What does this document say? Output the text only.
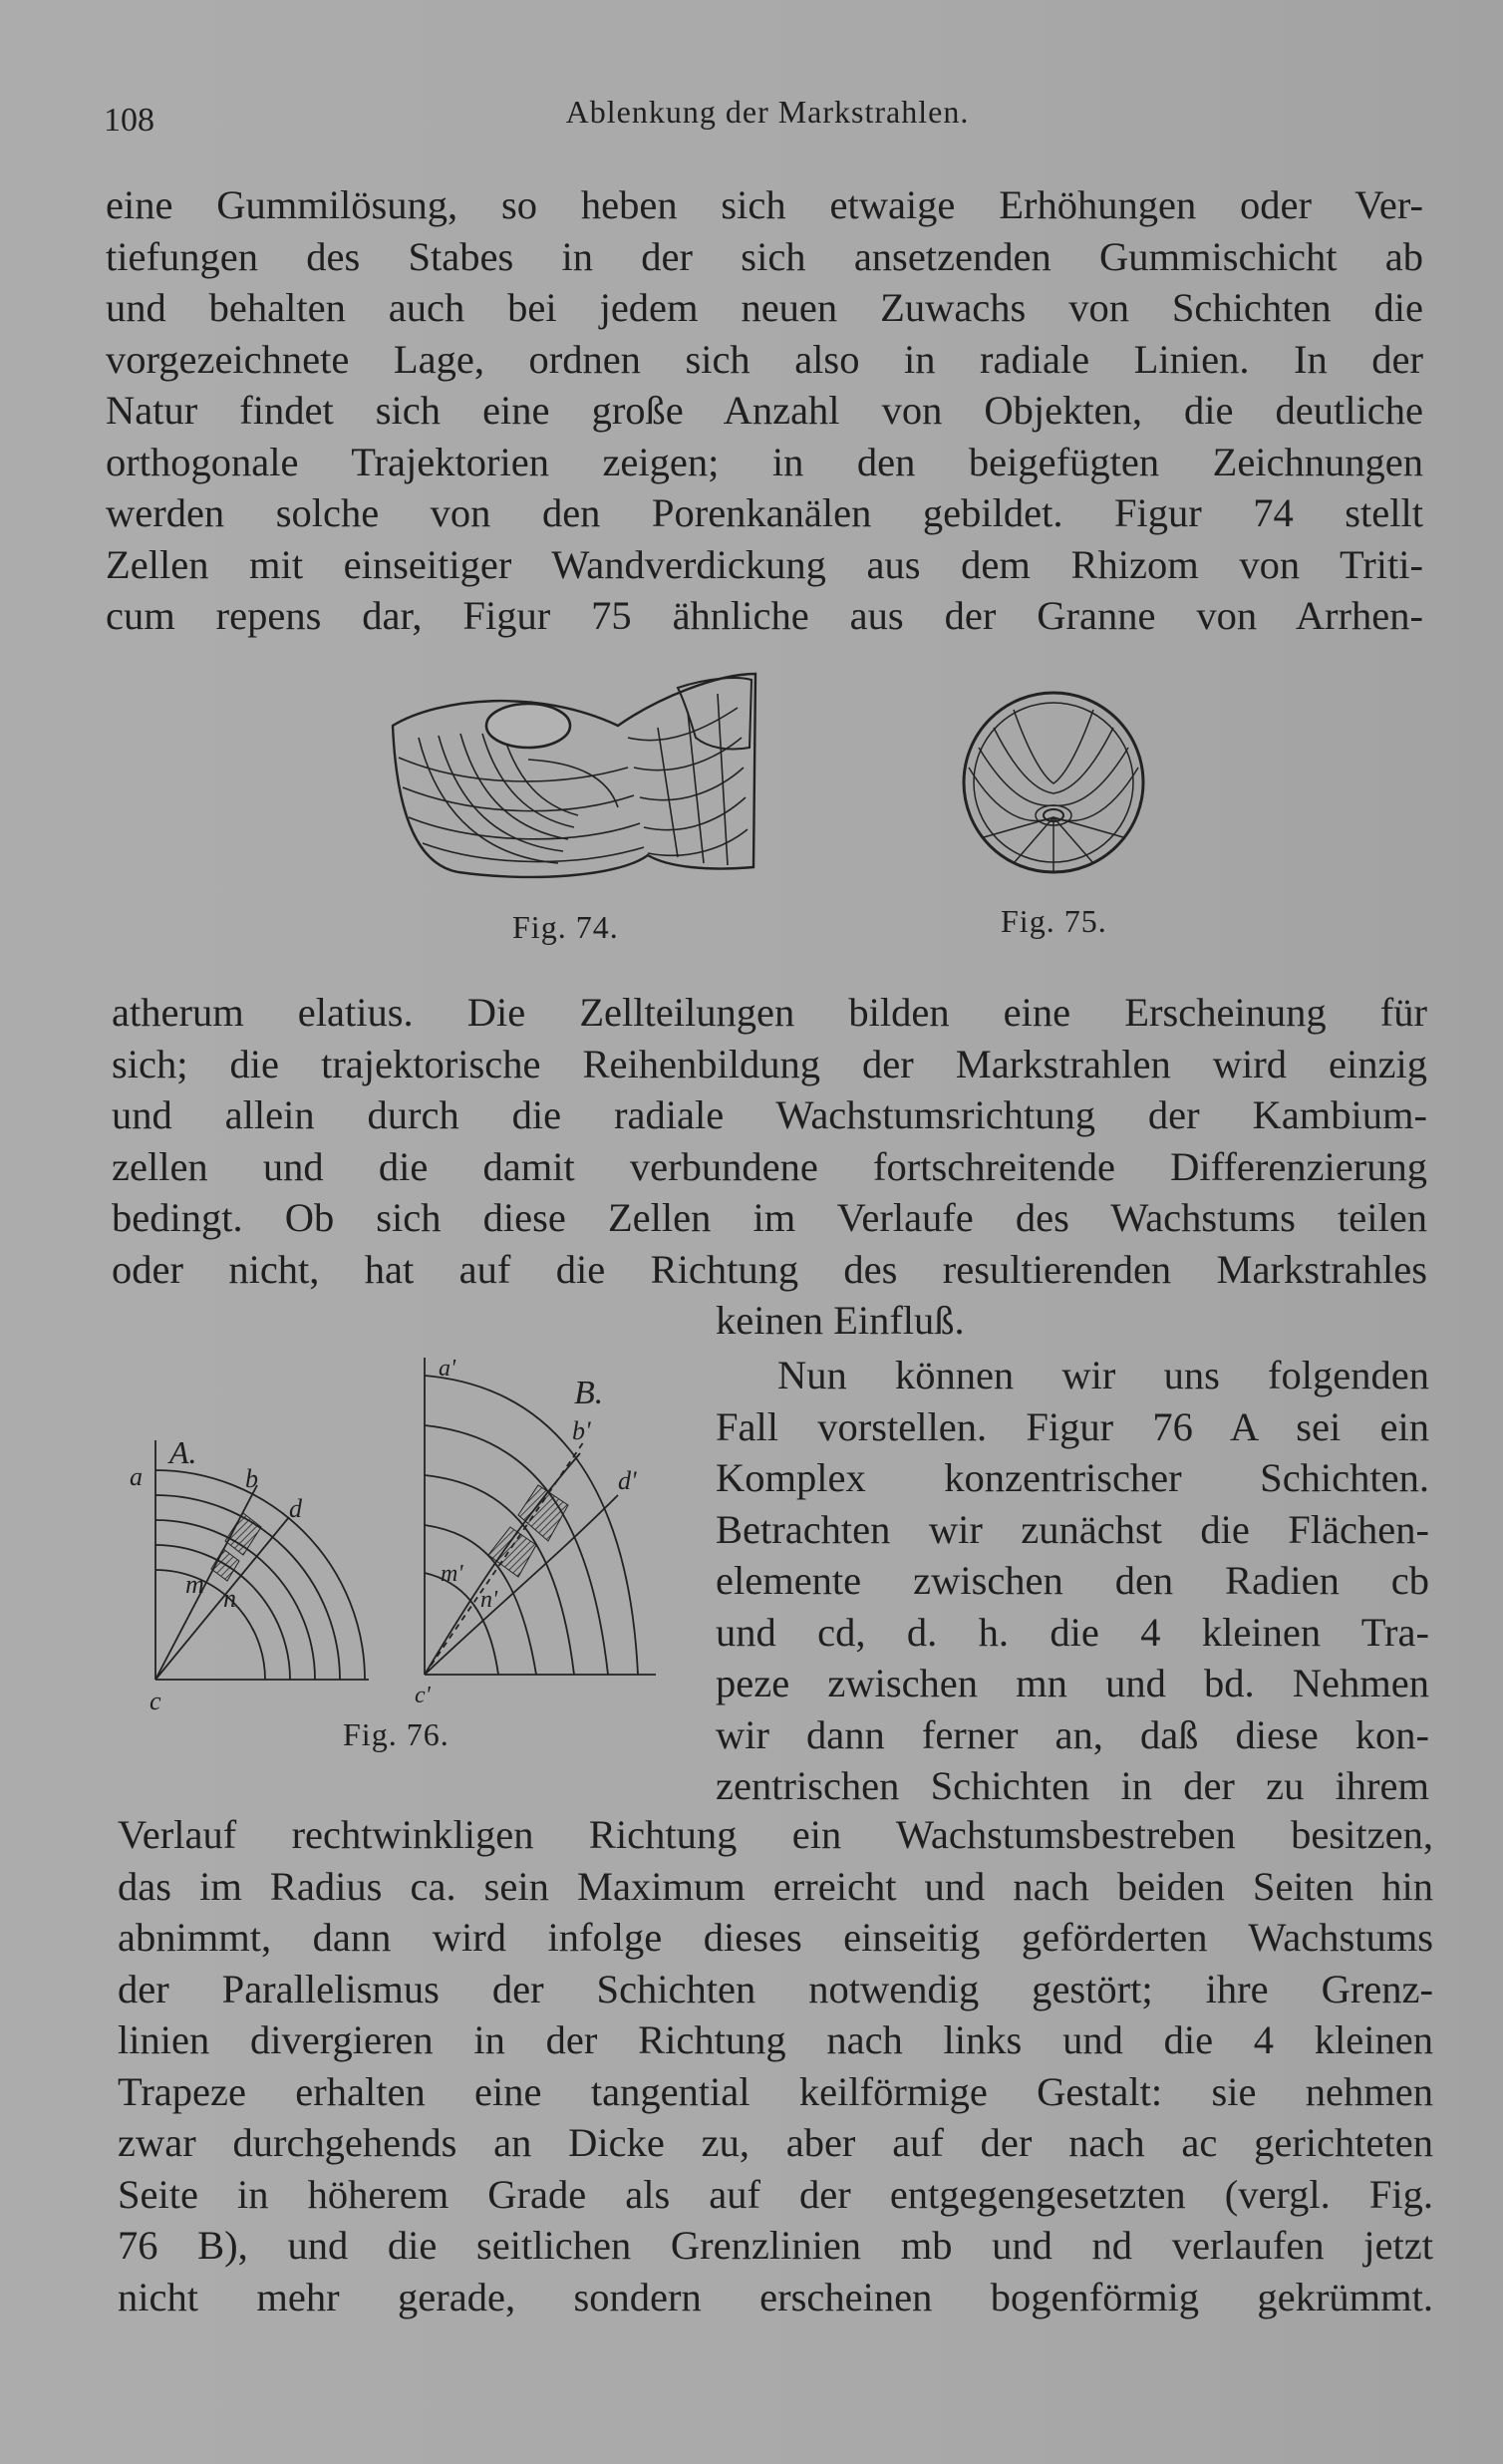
108	Ablenkung der Markstrahlen.

eine Gummilösung, so heben sich etwaige Erhöhungen oder Ver-
tiefungen des Stabes in der sich ansetzenden Gummischicht ab
und behalten auch bei jedem neuen Zuwachs von Schichten die
vorgezeichnete Lage, ordnen sich also in radiale Linien. In der
Natur findet sich eine große Anzahl von Objekten, die deutliche
orthogonale Trajektorien zeigen; in den beigefügten Zeichnungen
werden solche von den Porenkanälen gebildet. Figur 74 stellt
Zellen mit einseitiger Wandverdickung aus dem Rhizom von Triti-
cum repens dar, Figur 75 ähnliche aus der Granne von Arrhen-

Fig. 74.	Fig. 75.

atherum elatius. Die Zellteilungen bilden eine Erscheinung für
sich; die trajektorische Reihenbildung der Markstrahlen wird einzig
und allein durch die radiale Wachstumsrichtung der Kambium-
zellen und die damit verbundene fortschreitende Differenzierung
bedingt. Ob sich diese Zellen im Verlaufe des Wachstums teilen
oder nicht, hat auf die Richtung des resultierenden Markstrahles
keinen Einfluß.

A.
a	b
d
m n
c
a'
B.
b'
d'
m'
n'
c'
Fig. 76.

Nun können wir uns folgenden
Fall vorstellen. Figur 76 A sei ein
Komplex konzentrischer Schichten.
Betrachten wir zunächst die Flächen-
elemente zwischen den Radien cb
und cd, d. h. die 4 kleinen Tra-
peze zwischen mn und bd. Nehmen
wir dann ferner an, daß diese kon-
zentrischen Schichten in der zu ihrem

Verlauf rechtwinkligen Richtung ein Wachstumsbestreben besitzen,
das im Radius ca. sein Maximum erreicht und nach beiden Seiten hin
abnimmt, dann wird infolge dieses einseitig geförderten Wachstums
der Parallelismus der Schichten notwendig gestört; ihre Grenz-
linien divergieren in der Richtung nach links und die 4 kleinen
Trapeze erhalten eine tangential keilförmige Gestalt: sie nehmen
zwar durchgehends an Dicke zu, aber auf der nach ac gerichteten
Seite in höherem Grade als auf der entgegengesetzten (vergl. Fig.
76 B), und die seitlichen Grenzlinien mb und nd verlaufen jetzt
nicht mehr gerade, sondern erscheinen bogenförmig gekrümmt.
